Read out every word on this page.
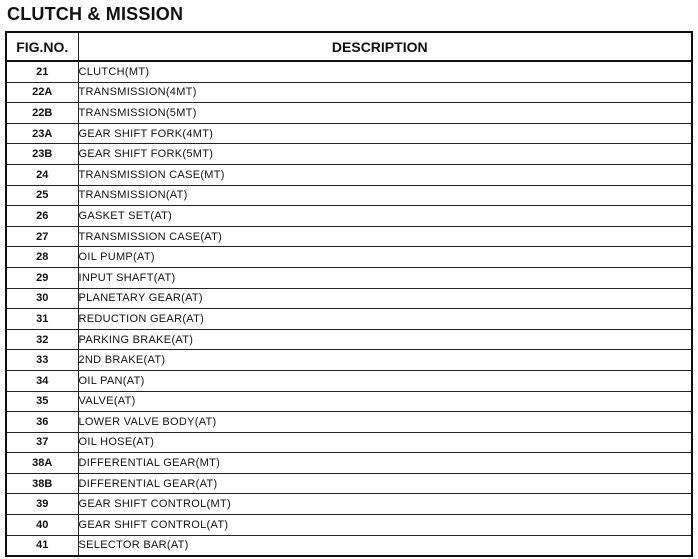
CLUTCH & MISSION
FIG.NO.	DESCRIPTION
21	CLUTCH(MT)
22A	TRANSMISSION(4MT)
22B	TRANSMISSION(5MT)
23A	GEAR SHIFT FORK(4MT)
23B	GEAR SHIFT FORK(5MT)
24	TRANSMISSION CASE(MT)
25	TRANSMISSION(AT)
26	GASKET SET(AT)
27	TRANSMISSION CASE(AT)
28	OIL PUMP(AT)
29	INPUT SHAFT(AT)
30	PLANETARY GEAR(AT)
31	REDUCTION GEAR(AT)
32	PARKING BRAKE(AT)
33	2ND BRAKE(AT)
34	OIL PAN(AT)
35	VALVE(AT)
36	LOWER VALVE BODY(AT)
37	OIL HOSE(AT)
38A	DIFFERENTIAL GEAR(MT)
38B	DIFFERENTIAL GEAR(AT)
39	GEAR SHIFT CONTROL(MT)
40	GEAR SHIFT CONTROL(AT)
41	SELECTOR BAR(AT)
